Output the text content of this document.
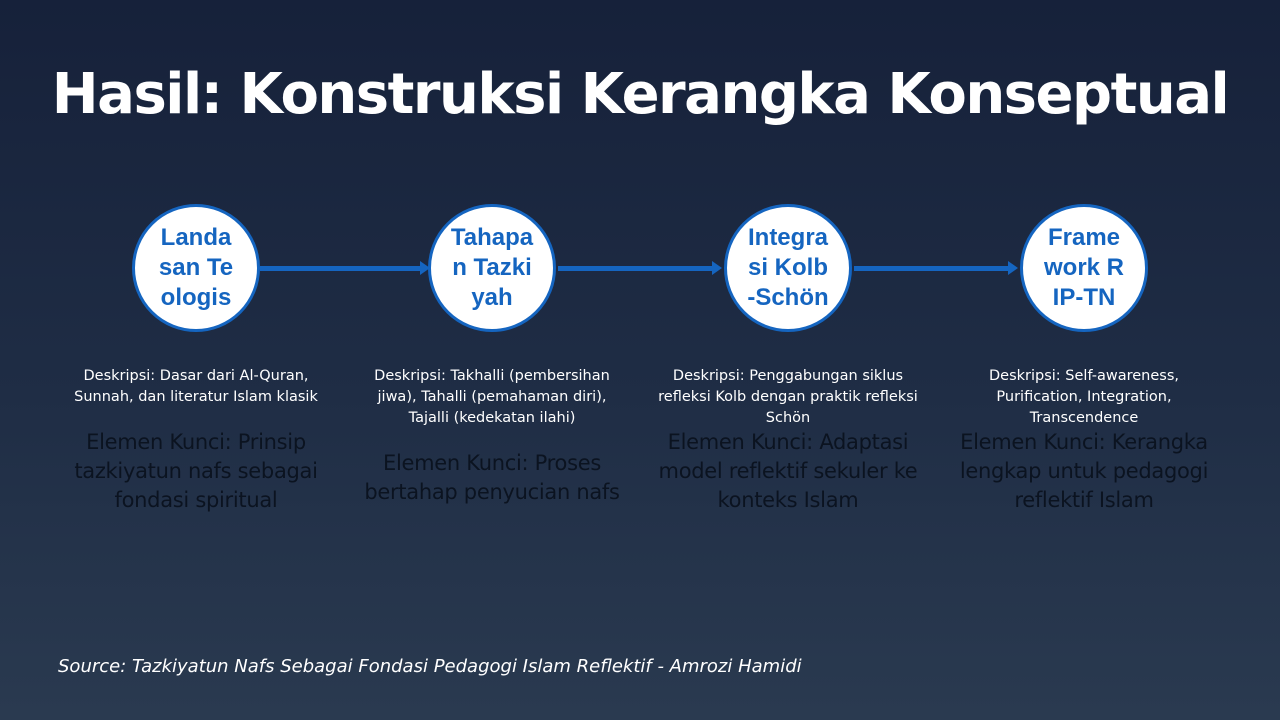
Hasil: Konstruksi Kerangka Konseptual
Landasan Teologis
Tahapan Tazkiyah
Integrasi Kolb-Schön
Framework RIP-TN
Deskripsi: Dasar dari Al-Quran, Sunnah, dan literatur Islam klasik
Deskripsi: Takhalli (pembersihan jiwa), Tahalli (pemahaman diri), Tajalli (kedekatan ilahi)
Deskripsi: Penggabungan siklus refleksi Kolb dengan praktik refleksi Schön
Deskripsi: Self-awareness, Purification, Integration, Transcendence
Elemen Kunci: Prinsip tazkiyatun nafs sebagai fondasi spiritual
Elemen Kunci: Proses bertahap penyucian nafs
Elemen Kunci: Adaptasi model reflektif sekuler ke konteks Islam
Elemen Kunci: Kerangka lengkap untuk pedagogi reflektif Islam
Source: Tazkiyatun Nafs Sebagai Fondasi Pedagogi Islam Reflektif - Amrozi Hamidi
